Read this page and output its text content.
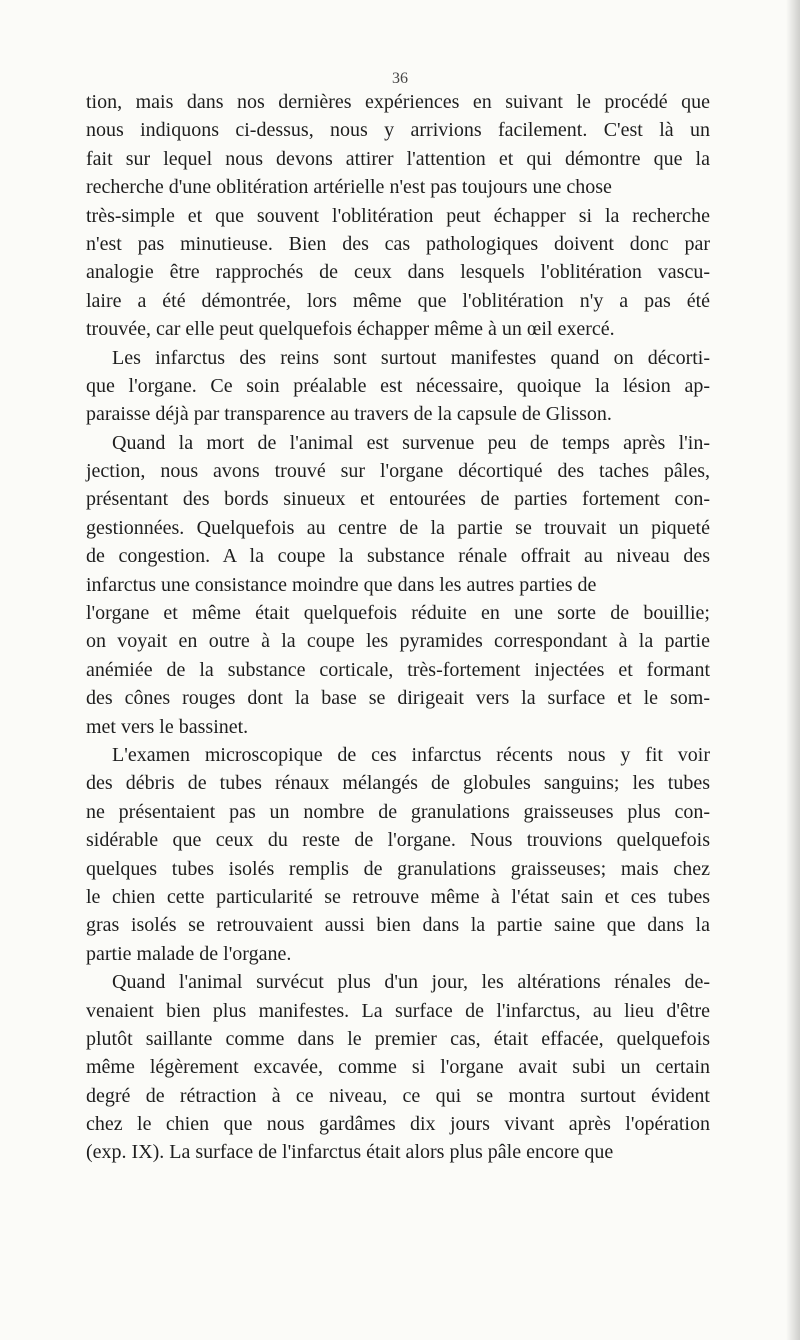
36
tion, mais dans nos dernières expériences en suivant le procédé que
nous indiquons ci-dessus, nous y arrivions facilement. C'est là un
fait sur lequel nous devons attirer l'attention et qui démontre que la
recherche d'une oblitération artérielle n'est pas toujours une chose
très-simple et que souvent l'oblitération peut échapper si la recherche
n'est pas minutieuse. Bien des cas pathologiques doivent donc par
analogie être rapprochés de ceux dans lesquels l'oblitération vascu-
laire a été démontrée, lors même que l'oblitération n'y a pas été
trouvée, car elle peut quelquefois échapper même à un œil exercé.
Les infarctus des reins sont surtout manifestes quand on décorti-
que l'organe. Ce soin préalable est nécessaire, quoique la lésion ap-
paraisse déjà par transparence au travers de la capsule de Glisson.
Quand la mort de l'animal est survenue peu de temps après l'in-
jection, nous avons trouvé sur l'organe décortiqué des taches pâles,
présentant des bords sinueux et entourées de parties fortement con-
gestionnées. Quelquefois au centre de la partie se trouvait un piqueté
de congestion. A la coupe la substance rénale offrait au niveau des
infarctus une consistance moindre que dans les autres parties de
l'organe et même était quelquefois réduite en une sorte de bouillie;
on voyait en outre à la coupe les pyramides correspondant à la partie
anémiée de la substance corticale, très-fortement injectées et formant
des cônes rouges dont la base se dirigeait vers la surface et le som-
met vers le bassinet.
L'examen microscopique de ces infarctus récents nous y fit voir
des débris de tubes rénaux mélangés de globules sanguins; les tubes
ne présentaient pas un nombre de granulations graisseuses plus con-
sidérable que ceux du reste de l'organe. Nous trouvions quelquefois
quelques tubes isolés remplis de granulations graisseuses; mais chez
le chien cette particularité se retrouve même à l'état sain et ces tubes
gras isolés se retrouvaient aussi bien dans la partie saine que dans la
partie malade de l'organe.
Quand l'animal survécut plus d'un jour, les altérations rénales de-
venaient bien plus manifestes. La surface de l'infarctus, au lieu d'être
plutôt saillante comme dans le premier cas, était effacée, quelquefois
même légèrement excavée, comme si l'organe avait subi un certain
degré de rétraction à ce niveau, ce qui se montra surtout évident
chez le chien que nous gardâmes dix jours vivant après l'opération
(exp. IX). La surface de l'infarctus était alors plus pâle encore que
